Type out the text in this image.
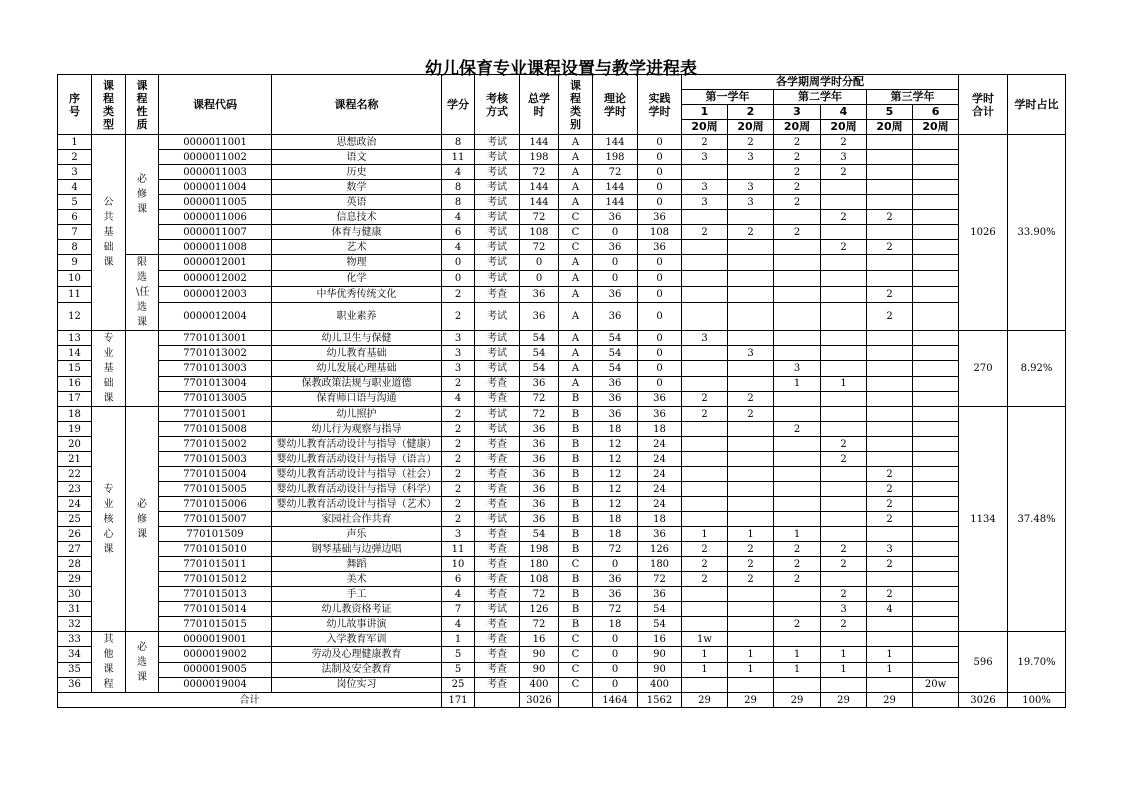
幼儿保育专业课程设置与教学进程表
序号	课程类型	课程性质	课程代码	课程名称	学分	考核方式	总学时	课程类别	理论学时	实践学时	各学期周学时分配						学时合计	学时占比
											第一学年		第二学年		第三学年			
											1	2	3	4	5	6		
											20周	20周	20周	20周	20周	20周		
1	公共基础课	必修课	0000011001	思想政治	8	考试	144	A	144	0	2	2	2	2			1026	33.90%
2			0000011002	语文	11	考试	198	A	198	0	3	3	2	3				
3			0000011003	历史	4	考试	72	A	72	0			2	2				
4			0000011004	数学	8	考试	144	A	144	0	3	3	2					
5			0000011005	英语	8	考试	144	A	144	0	3	3	2					
6			0000011006	信息技术	4	考试	72	C	36	36				2	2			
7			0000011007	体育与健康	6	考试	108	C	0	108	2	2	2					
8			0000011008	艺术	4	考试	72	C	36	36				2	2			
9		限选\任选课	0000012001	物理	0	考试	0	A	0	0								
10			0000012002	化学	0	考试	0	A	0	0								
11			0000012003	中华优秀传统文化	2	考查	36	A	36	0					2			
12			0000012004	职业素养	2	考试	36	A	36	0					2			
13	专业基础课		7701013001	幼儿卫生与保健	3	考试	54	A	54	0	3						270	8.92%
14			7701013002	幼儿教育基础	3	考试	54	A	54	0		3						
15			7701013003	幼儿发展心理基础	3	考试	54	A	54	0			3					
16			7701013004	保教政策法规与职业道德	2	考查	36	A	36	0			1	1				
17			7701013005	保育师口语与沟通	4	考查	72	B	36	36	2	2						
18	专业核心课	必修课	7701015001	幼儿照护	2	考试	72	B	36	36	2	2					1134	37.48%
19			7701015008	幼儿行为观察与指导	2	考试	36	B	18	18			2					
20			7701015002	婴幼儿教育活动设计与指导（健康）	2	考查	36	B	12	24				2				
21			7701015003	婴幼儿教育活动设计与指导（语言）	2	考查	36	B	12	24				2				
22			7701015004	婴幼儿教育活动设计与指导（社会）	2	考查	36	B	12	24					2			
23			7701015005	婴幼儿教育活动设计与指导（科学）	2	考查	36	B	12	24					2			
24			7701015006	婴幼儿教育活动设计与指导（艺术）	2	考查	36	B	12	24					2			
25			7701015007	家园社合作共育	2	考试	36	B	18	18					2			
26			770101509	声乐	3	考查	54	B	18	36	1	1	1					
27			7701015010	钢琴基础与边弹边唱	11	考查	198	B	72	126	2	2	2	2	3			
28			7701015011	舞蹈	10	考查	180	C	0	180	2	2	2	2	2			
29			7701015012	美术	6	考查	108	B	36	72	2	2	2					
30			7701015013	手工	4	考查	72	B	36	36				2	2			
31			7701015014	幼儿教资格考证	7	考试	126	B	72	54				3	4			
32			7701015015	幼儿故事讲演	4	考查	72	B	18	54			2	2				
33	其他课程	必选课	0000019001	入学教育军训	1	考查	16	C	0	16	1w						596	19.70%
34			0000019002	劳动及心理健康教育	5	考查	90	C	0	90	1	1	1	1	1			
35			0000019005	法制及安全教育	5	考查	90	C	0	90	1	1	1	1	1			
36			0000019004	岗位实习	25	考查	400	C	0	400						20w		
合计					171		3026		1464	1562	29	29	29	29	29		3026	100%
